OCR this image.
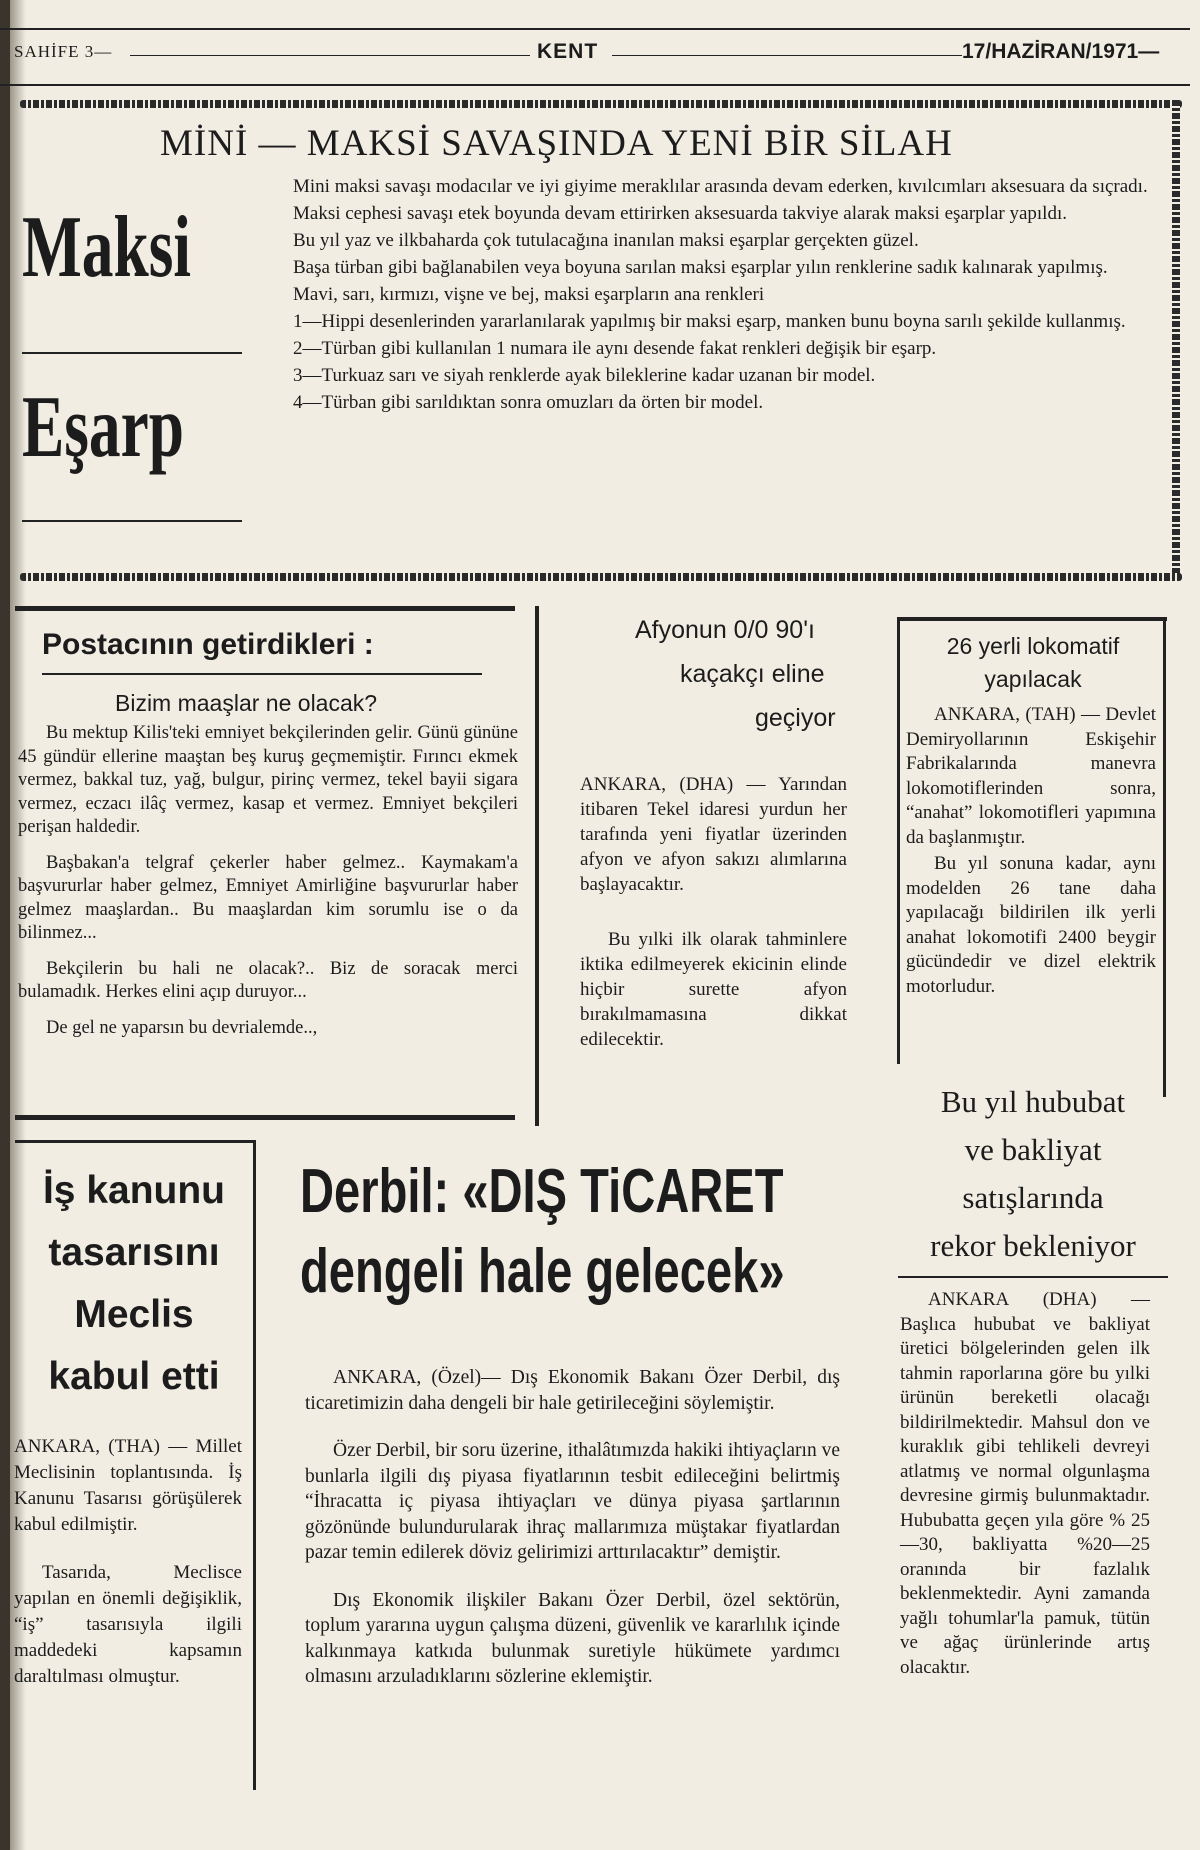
SAHİFE 3—	KENT	17/HAZİRAN/1971—
MİNİ — MAKSİ SAVAŞINDA YENİ BİR SİLAH
Maksi
Eşarp

Mini maksi savaşı modacılar ve iyi giyime meraklılar arasında devam ederken, kıvılcımları aksesuara da sıçradı.

Maksi cephesi savaşı etek boyunda devam ettirirken aksesuarda takviye alarak maksi eşarplar yapıldı.

Bu yıl yaz ve ilkbaharda çok tutulacağına inanılan maksi eşarplar gerçekten güzel.

Başa türban gibi bağlanabilen veya boyuna sarılan maksi eşarplar yılın renklerine sadık kalınarak yapılmış.

Mavi, sarı, kırmızı, vişne ve bej, maksi eşarpların ana renkleri

1—Hippi desenlerinden yararlanılarak yapılmış bir maksi eşarp, manken bunu boyna sarılı şekilde kullanmış.

2—Türban gibi kullanılan 1 numara ile aynı desende fakat renkleri değişik bir eşarp.

3—Turkuaz sarı ve siyah renklerde ayak bileklerine kadar uzanan bir model.

4—Türban gibi sarıldıktan sonra omuzları da örten bir model.

Postacının getirdikleri :
Bizim maaşlar ne olacak?

Bu mektup Kilis'teki emniyet bekçilerinden gelir. Günü gününe 45 gündür ellerine maaştan beş kuruş geçmemiştir. Fırıncı ekmek vermez, bakkal tuz, yağ, bulgur, pirinç vermez, tekel bayii sigara vermez, eczacı ilâç vermez, kasap et vermez. Emniyet bekçileri perişan haldedir.

Başbakan'a telgraf çekerler haber gelmez.. Kaymakam'a başvururlar haber gelmez, Emniyet Amirliğine başvururlar haber gelmez maaşlardan.. Bu maaşlardan kim sorumlu ise o da bilinmez...

Bekçilerin bu hali ne olacak?.. Biz de soracak merci bulamadık. Herkes elini açıp duruyor...

De gel ne yaparsın bu devrialemde..,

Afyonun 0/0 90'ı
kaçakçı eline
geçiyor

ANKARA, (DHA) — Yarından itibaren Tekel idaresi yurdun her tarafında yeni fiyatlar üzerinden afyon ve afyon sakızı alımlarına başlayacaktır.

Bu yılki ilk olarak tahminlere iktika edilmeyerek ekicinin elinde hiçbir surette afyon bırakılmamasına dikkat edilecektir.

26 yerli lokomatif
yapılacak

ANKARA, (TAH) — Devlet Demiryollarının Eskişehir Fabrikalarında manevra lokomotiflerinden sonra, “anahat” lokomotifleri yapımına da başlanmıştır.

Bu yıl sonuna kadar, aynı modelden 26 tane daha yapılacağı bildirilen ilk yerli anahat lokomotifi 2400 beygir gücündedir ve dizel elektrik motorludur.

Bu yıl hububat
ve bakliyat
satışlarında
rekor bekleniyor

ANKARA (DHA) — Başlıca hububat ve bakliyat üretici bölgelerinden gelen ilk tahmin raporlarına göre bu yılki ürünün bereketli olacağı bildirilmektedir. Mahsul don ve kuraklık gibi tehlikeli devreyi atlatmış ve normal olgunlaşma devresine girmiş bulunmaktadır. Hububatta geçen yıla göre % 25—30, bakliyatta %20—25 oranında bir fazlalık beklenmektedir. Ayni zamanda yağlı tohumlar'la pamuk, tütün ve ağaç ürünlerinde artış olacaktır.

İş kanunu
tasarısını
Meclis
kabul etti

ANKARA, (THA) — Millet Meclisinin toplantısında. İş Kanunu Tasarısı görüşülerek kabul edilmiştir.

Tasarıda, Meclisce yapılan en önemli değişiklik, “iş” tasarısıyla ilgili maddedeki kapsamın daraltılması olmuştur.

Derbil: «DIŞ TiCARET
dengeli hale gelecek»

ANKARA, (Özel)— Dış Ekonomik Bakanı Özer Derbil, dış ticaretimizin daha dengeli bir hale getirileceğini söylemiştir.

Özer Derbil, bir soru üzerine, ithalâtımızda hakiki ihtiyaçların ve bunlarla ilgili dış piyasa fiyatlarının tesbit edileceğini belirtmiş “İhracatta iç piyasa ihtiyaçları ve dünya piyasa şartlarının gözönünde bulundurularak ihraç mallarımıza müştakar fiyatlardan pazar temin edilerek döviz gelirimizi arttırılacaktır” demiştir.

Dış Ekonomik ilişkiler Bakanı Özer Derbil, özel sektörün, toplum yararına uygun çalışma düzeni, güvenlik ve kararlılık içinde kalkınmaya katkıda bulunmak suretiyle hükümete yardımcı olmasını arzuladıklarını sözlerine eklemiştir.
